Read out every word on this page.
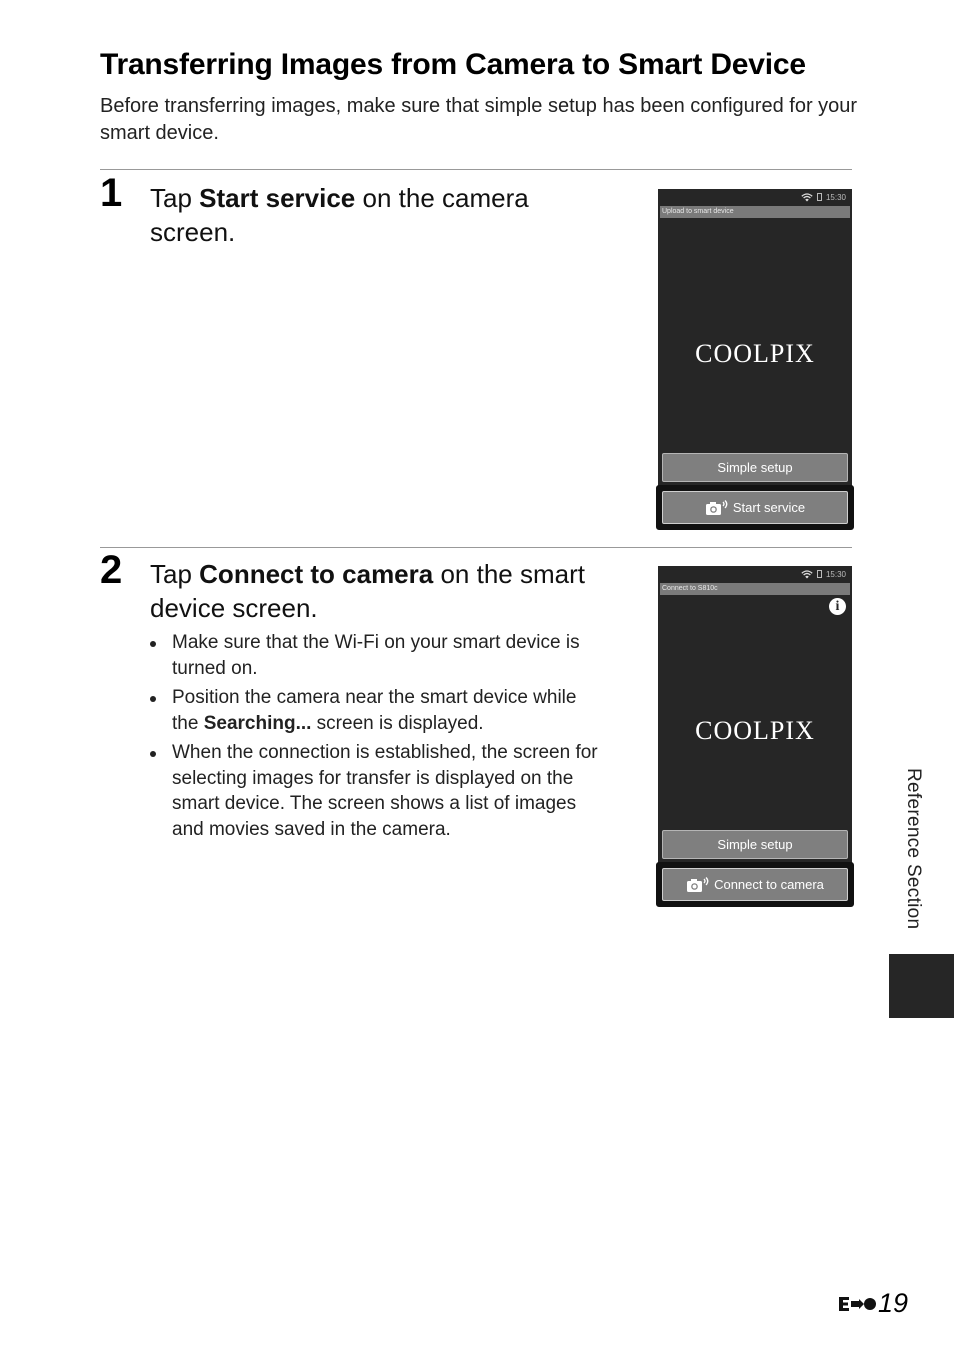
Transferring Images from Camera to Smart Device

Before transferring images, make sure that simple setup has been configured for your smart device.

1 Tap Start service on the camera screen.

15:30
Upload to smart device
COOLPIX
Simple setup
Start service
2 Tap Connect to camera on the smart device screen.

Make sure that the Wi-Fi on your smart device is turned on.
Position the camera near the smart device while the Searching... screen is displayed.
When the connection is established, the screen for selecting images for transfer is displayed on the smart device. The screen shows a list of images and movies saved in the camera.
15:30
Connect to S810c
i
COOLPIX
Simple setup
Connect to camera	Reference Section
19
